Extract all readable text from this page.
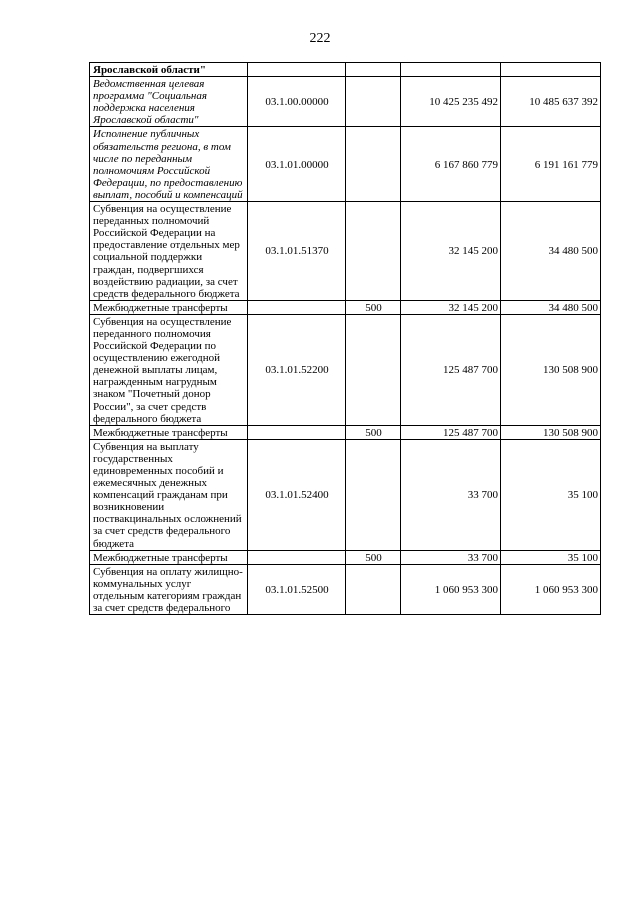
222
Ярославской области"				
Ведомственная целевая программа "Социальная поддержка населения Ярославской области"	03.1.00.00000		10 425 235 492	10 485 637 392
Исполнение публичных обязательств региона, в том числе по переданным полномочиям Российской Федерации, по предоставлению выплат, пособий и компенсаций	03.1.01.00000		6 167 860 779	6 191 161 779
Субвенция на осуществление переданных полномочий Российской Федерации на предоставление отдельных мер социальной поддержки граждан, подвергшихся воздействию радиации, за счет средств федерального бюджета	03.1.01.51370		32 145 200	34 480 500
Межбюджетные трансферты		500	32 145 200	34 480 500
Субвенция на осуществление переданного полномочия Российской Федерации по осуществлению ежегодной денежной выплаты лицам, награжденным нагрудным знаком "Почетный донор России", за счет средств федерального бюджета	03.1.01.52200		125 487 700	130 508 900
Межбюджетные трансферты		500	125 487 700	130 508 900
Субвенция на выплату государственных единовременных пособий и ежемесячных денежных компенсаций гражданам при возникновении поствакцинальных осложнений за счет средств федерального бюджета	03.1.01.52400		33 700	35 100
Межбюджетные трансферты		500	33 700	35 100
Субвенция на оплату жилищно-коммунальных услуг отдельным категориям граждан за счет средств федерального	03.1.01.52500		1 060 953 300	1 060 953 300
